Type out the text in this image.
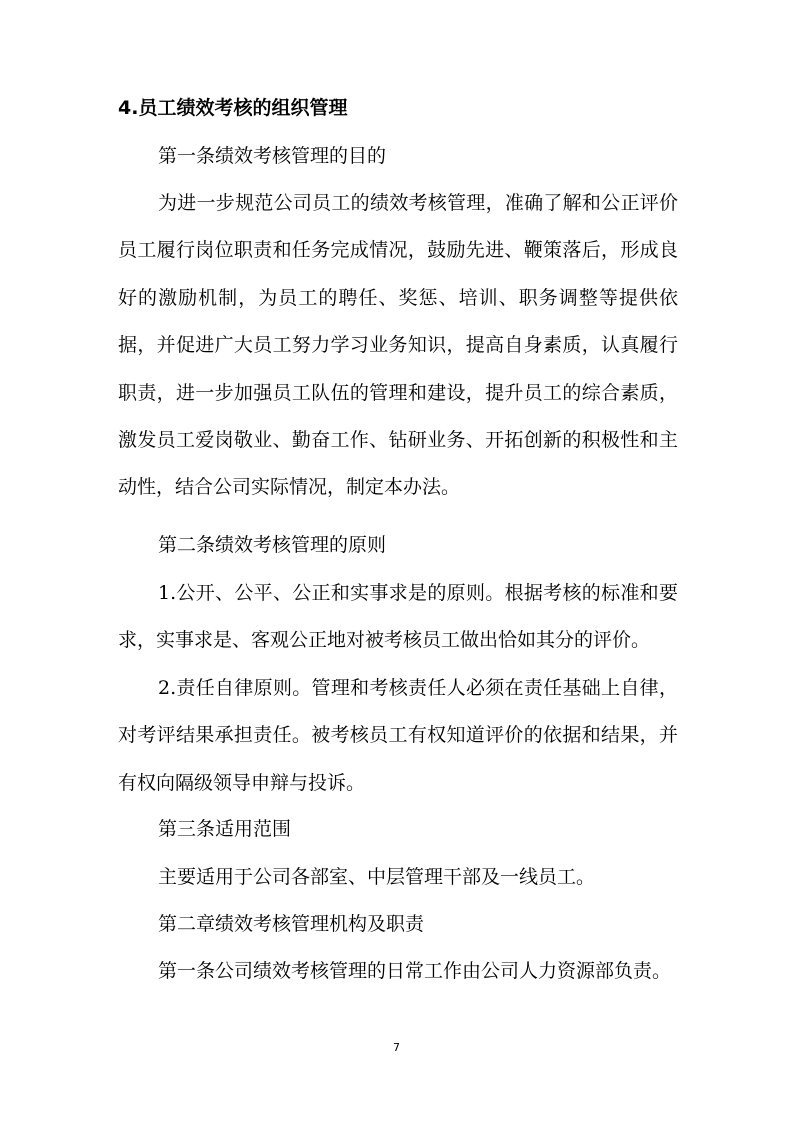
4.员工绩效考核的组织管理

第一条绩效考核管理的目的

为进一步规范公司员工的绩效考核管理，准确了解和公正评价员工履行岗位职责和任务完成情况，鼓励先进、鞭策落后，形成良好的激励机制，为员工的聘任、奖惩、培训、职务调整等提供依据，并促进广大员工努力学习业务知识，提高自身素质，认真履行职责，进一步加强员工队伍的管理和建设，提升员工的综合素质，激发员工爱岗敬业、勤奋工作、钻研业务、开拓创新的积极性和主动性，结合公司实际情况，制定本办法。

第二条绩效考核管理的原则

1.公开、公平、公正和实事求是的原则。根据考核的标准和要求，实事求是、客观公正地对被考核员工做出恰如其分的评价。

2.责任自律原则。管理和考核责任人必须在责任基础上自律，对考评结果承担责任。被考核员工有权知道评价的依据和结果，并有权向隔级领导申辩与投诉。

第三条适用范围

主要适用于公司各部室、中层管理干部及一线员工。

第二章绩效考核管理机构及职责

第一条公司绩效考核管理的日常工作由公司人力资源部负责。

7
